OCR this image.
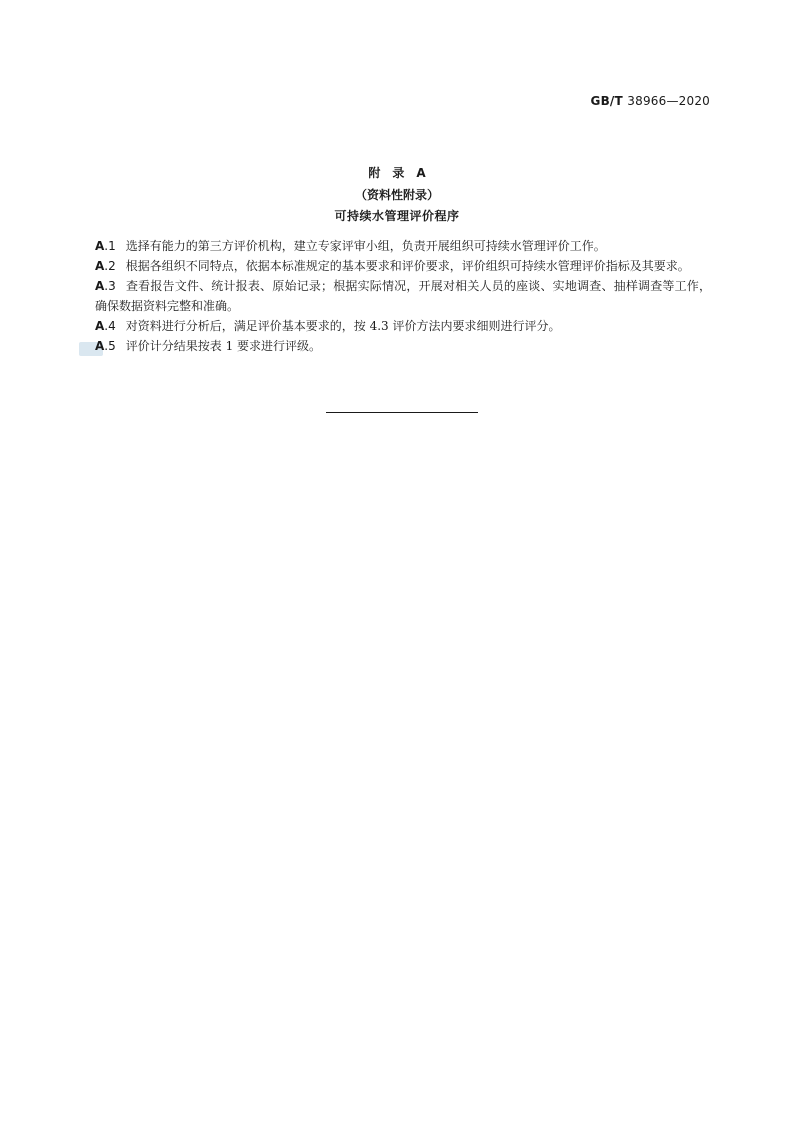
GB/T 38966—2020
附　录　A
（资料性附录）
可持续水管理评价程序

A.1 选择有能力的第三方评价机构，建立专家评审小组，负责开展组织可持续水管理评价工作。

A.2 根据各组织不同特点，依据本标准规定的基本要求和评价要求，评价组织可持续水管理评价指标及其要求。

A.3 查看报告文件、统计报表、原始记录；根据实际情况，开展对相关人员的座谈、实地调查、抽样调查等工作，确保数据资料完整和准确。

A.4 对资料进行分析后，满足评价基本要求的，按 4.3 评价方法内要求细则进行评分。

A.5 评价计分结果按表 1 要求进行评级。
